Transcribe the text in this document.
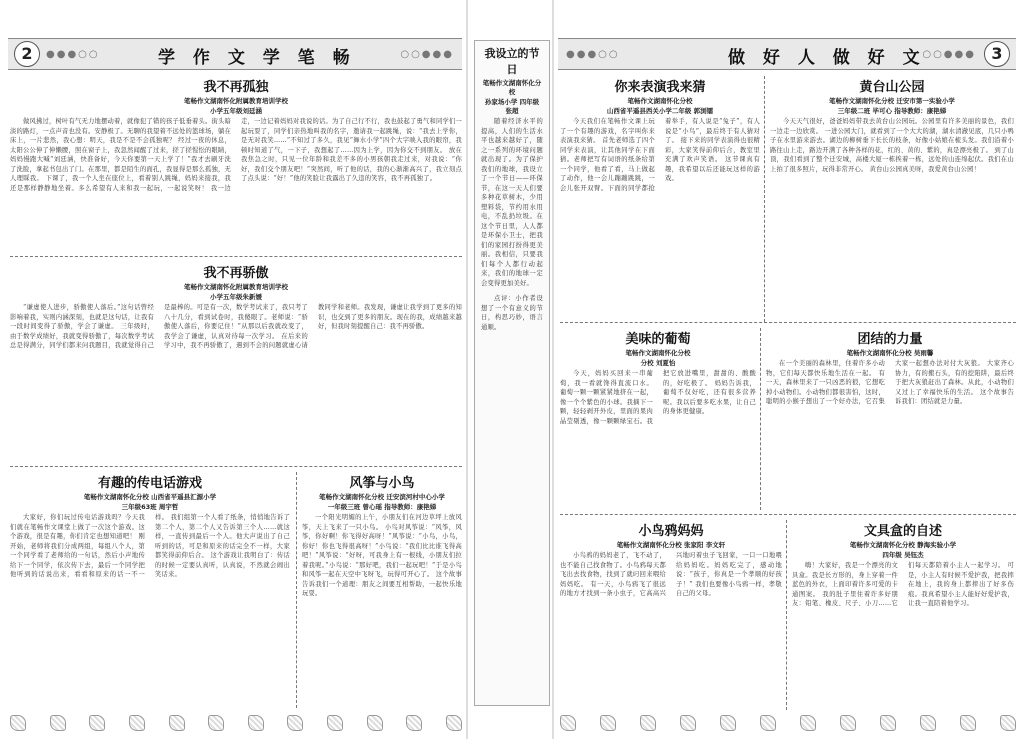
2	●●●○○	学 作 文 学 笔 畅	○○●●●
我不再孤独
笔畅作文湖南怀化附属教育培训学校
小学五年级刘廷涵

做风拂过，树叶有气无力地摆动着，就像犯了错的孩子低垂着头。街头暗淡的路灯，一点声音也没有。安静极了。无聊的我望着不远处的篮球场，躺在床上，一片悲然，我心想：明天，我是不是不会孤独呢？ 经过一夜的休息，太阳公公伸了伸懒腰，照在窗子上，我忽然闻醒了过来，搓了搓惺忪的眼睛，妈妈慢跑大喊“刘廷涵，快准备好，今天你要第一天上学了！”我才去刷牙洗了洗脸，拿起书包出了门。在那里，都是陌生的面孔，我显得是那么孤独，无人理睬我。 下课了，我一个人坐在座位上，看着别人跳绳，妈妈来接我，我还是那样静静地坐着。多么希望有人来和我一起玩，一起说笑呀！ 我一边走，一边记着妈妈对我说的话。为了自己行不行，我也鼓起了勇气和同学们一起玩耍了，同学们亲热地叫我的名字，邀请我一起跳绳，说：“我去上学你，是无对我笑……”不知过了多久，我见“舞水小学”四个大字映入我的眼帘，我顿时知道了气，一下子，我想起了……因为上学，因为你交不到朋友。 放在我焦急之时，只见一位年龄和我差不多的小男孩朝我走过来，对我说：“你好，我们交个朋友吧！”突然间，听了他的话，我的心渐渐高兴了，我立刻点了点头说：“好！”他的笑脸让我露出了久违的笑容，我不再孤独了。

我不再骄傲
笔畅作文湖南怀化附属教育培训学校
小学五年级朱新媛

“谦虚使人进步，骄傲使人落后。”这句话曾经影响着我，实则内涵深刻，也就是这句话，让我有一段时间变得了骄傲，学会了谦虚。 三年级时，由于数学成绩好，我就变得骄傲了，每次数学考试总是得满分，同学们都来问我题目，我就觉得自己是最棒的。可是有一次，数学考试来了，我只考了八十几分，看到试卷时，我傻眼了。老师说：“骄傲使人落后，你要记住！”从那以后我就改变了，我学会了谦虚，认真对待每一次学习。 在后来的学习中，我不再骄傲了，遇到不会的问题就虚心请教同学和老师。我发现，谦虚让我学到了更多的知识，也交到了更多的朋友。现在的我，成绩越来越好，但我时刻提醒自己：我不再骄傲。

有趣的传电话游戏
笔畅作文湖南怀化分校 山西省平遥县汇源小学
三年级63班 周宇哲

大家好，你们玩过传电话游戏吗？今天我们就在笔畅作文课堂上做了一次这个游戏。这个游戏，很是有趣，你们肯定也想知道吧！ 刚开始，老师将我们分成两组，每组八个人，第一个同学看了老师给的一句话，然后小声地传给下一个同学，依次传下去，最后一个同学把他听到的话说出来，看看和原来的话一不一样。 我们组第一个人看了纸条，悄悄地告诉了第二个人，第二个人又告诉第三个人……就这样，一直传到最后一个人。他大声说出了自己听到的话，可是和原来的话完全不一样，大家都笑得前仰后合。 这个游戏让我明白了：传话的时候一定要认真听，认真说，不然就会闹出笑话来。

风筝与小鸟
笔畅作文湖南怀化分校 迁安滨河村中心小学
一年级三班 曾心瑶 指导教师：康艳娣

一个阳光明媚的上午，小朋友们在河边草坪上放风筝，天上飞来了一只小鸟。 小鸟对风筝说：“风筝，风筝，你好啊！你飞得好高呀！”风筝说：“小鸟，小鸟，你好！你也飞得很高呀！”小鸟说：“我们比比谁飞得高吧！”风筝说：“好呀，可我身上有一根线，小朋友们拉着我呢。”小鸟说：“那好吧，我们一起玩吧！”于是小鸟和风筝一起在天空中飞呀飞，玩得可开心了。 这个故事告诉我们一个道理：朋友之间要互相帮助，一起快乐地玩耍。

我设立的节日
笔畅作文湖南怀化分校
孙家场小学 四年级 张超

随着经济水平的提高，人们的生活水平也越来越好了，随之一系列的环境问题就出现了。为了保护我们的地球，我设立了一个节日——环保节，在这一天人们要多种花草树木，少用塑料袋，节约用水用电，不乱扔垃圾。在这个节日里，人人都是环保小卫士，把我们的家园打扮得更美丽。我相信，只要我们每个人都行动起来，我们的地球一定会变得更加美好。

点评：小作者设想了一个有意义的节日，构思巧妙，语言通顺。

●●●○○	做 好 人 做 好 文
○○●●● 3
你来表演我来猜
笔畅作文湖南怀化分校
山西省平遥县西关小学二年级 郭浏镭

今天我们在笔畅作文课上玩了一个有趣的游戏，名字叫你来表演我来猜。 首先老师选了四个同学来表演，让其他同学在下面猜。老师把写有词语的纸条给第一个同学，他看了看，马上做起了动作，他一会儿蹦蹦跳跳，一会儿张开双臂。下面的同学都抢着举手，有人说是“兔子”，有人说是“小鸟”，最后终于有人猜对了。 接下来的同学表演得也很精彩，大家笑得前仰后合，教室里充满了欢声笑语。 这节课真有趣，我希望以后还能玩这样的游戏。

黄台山公园
笔畅作文湖南怀化分校 迁安市第一实验小学
三年级二班 毕可心 指导教师：康艳娣

今天天气很好，爸爸妈妈带我去黄台山公园玩。公园里有许多美丽的景色，我们一边走一边欣赏。 一进公园大门，就看到了一个大大的湖，湖水清澈见底，几只小鸭子在水里游来游去。湖边的柳树垂下长长的枝条，好像小姑娘在梳头发。我们沿着小路往山上走，路边开满了各种各样的花，红的、黄的、紫的，真是漂亮极了。 到了山顶，我们看到了整个迁安城，高楼大厦一栋挨着一栋，远处的山连绵起伏。我们在山上拍了很多照片，玩得非常开心。 黄台山公园真美呀，我爱黄台山公园！

美味的葡萄
笔畅作文湖南怀化分校
分校 刘夏怡

今天，妈妈买回来一串葡萄，我一看就馋得直流口水。 葡萄一颗一颗紧紧地挤在一起，像一个个紫色的小球。我摘下一颗，轻轻剥开外皮，里面的果肉晶莹剔透，像一颗颗绿宝石。我把它放进嘴里，甜甜的、酸酸的，好吃极了。 妈妈告诉我，葡萄不仅好吃，还有很多营养呢。我以后要多吃水果，让自己的身体更健康。

团结的力量
笔畅作文湖南怀化分校 吴雨馨

在一个美丽的森林里，住着许多小动物，它们每天都快乐地生活在一起。 有一天，森林里来了一只凶恶的狼，它想吃掉小动物们。小动物们都很害怕，这时，聪明的小猴子想出了一个好办法，它召集大家一起想办法对付大灰狼。 大家齐心协力，有的搬石头，有的挖陷阱，最后终于把大灰狼赶出了森林。从此，小动物们又过上了幸福快乐的生活。 这个故事告诉我们：团结就是力量。

小鸟鸦妈妈
笔畅作文湖南怀化分校 张家阳 李文轩

小鸟鸦的妈妈老了，飞不动了，也不能自己找食物了。小鸟鸦每天都飞出去找食物，找到了就叼回来喂给妈妈吃。 有一天，小鸟鸦飞了很远的地方才找到一条小虫子，它高高兴兴地叼着虫子飞回家，一口一口地喂给妈妈吃。妈妈吃完了，感动地说：“孩子，你真是一个孝顺的好孩子！” 我们也要像小鸟鸦一样，孝敬自己的父母。

文具盒的自述
笔畅作文湖南怀化分校 静海实验小学
四年级 吴钰杰

嗨！大家好，我是一个漂亮的文具盒。我是长方形的，身上穿着一件蓝色的外衣，上面印着许多可爱的卡通图案。 我的肚子里住着许多好朋友：铅笔、橡皮、尺子、小刀……它们每天都陪着小主人一起学习。 可是，小主人有时候不爱护我，把我摔在地上，我的身上都摔出了好多伤痕。我真希望小主人能好好爱护我，让我一直陪着他学习。
